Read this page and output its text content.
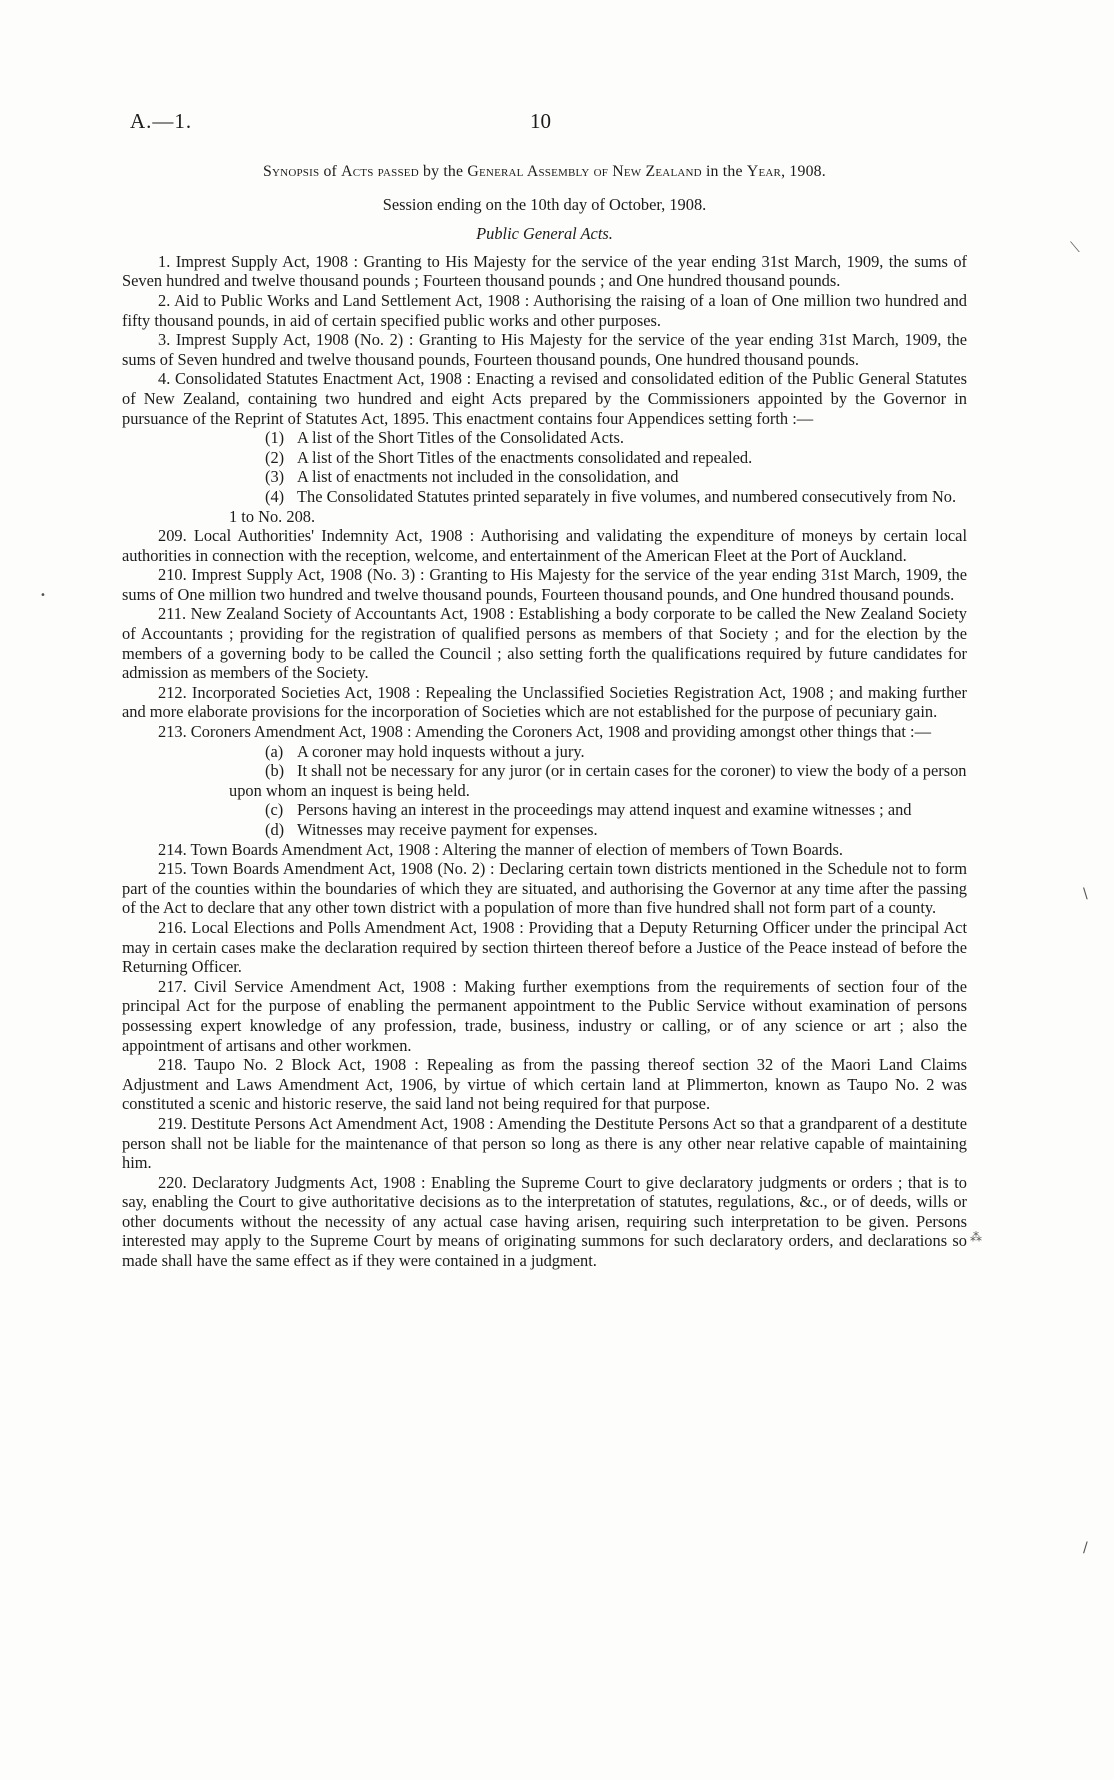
A.—1.	10
⟍
\
/
•
⁂
Synopsis of Acts passed by the General Assembly of New Zealand in the Year, 1908.
Session ending on the 10th day of October, 1908.
Public General Acts.

1. Imprest Supply Act, 1908 : Granting to His Majesty for the service of the year ending 31st March, 1909, the sums of Seven hundred and twelve thousand pounds ; Fourteen thousand pounds ; and One hundred thousand pounds.

2. Aid to Public Works and Land Settlement Act, 1908 : Authorising the raising of a loan of One million two hundred and fifty thousand pounds, in aid of certain specified public works and other purposes.

3. Imprest Supply Act, 1908 (No. 2) : Granting to His Majesty for the service of the year ending 31st March, 1909, the sums of Seven hundred and twelve thousand pounds, Fourteen thousand pounds, One hundred thousand pounds.

4. Consolidated Statutes Enactment Act, 1908 : Enacting a revised and consolidated edition of the Public General Statutes of New Zealand, containing two hundred and eight Acts prepared by the Commissioners appointed by the Governor in pursuance of the Reprint of Statutes Act, 1895. This enactment contains four Appendices setting forth :—

(1) A list of the Short Titles of the Consolidated Acts.

(2) A list of the Short Titles of the enactments consolidated and repealed.

(3) A list of enactments not included in the consolidation, and

(4) The Consolidated Statutes printed separately in five volumes, and numbered consecutively from No. 1 to No. 208.

209. Local Authorities' Indemnity Act, 1908 : Authorising and validating the expenditure of moneys by certain local authorities in connection with the reception, welcome, and entertainment of the American Fleet at the Port of Auckland.

210. Imprest Supply Act, 1908 (No. 3) : Granting to His Majesty for the service of the year ending 31st March, 1909, the sums of One million two hundred and twelve thousand pounds, Fourteen thousand pounds, and One hundred thousand pounds.

211. New Zealand Society of Accountants Act, 1908 : Establishing a body corporate to be called the New Zealand Society of Accountants ; providing for the registration of qualified persons as members of that Society ; and for the election by the members of a governing body to be called the Council ; also setting forth the qualifications required by future candidates for admission as members of the Society.

212. Incorporated Societies Act, 1908 : Repealing the Unclassified Societies Registration Act, 1908 ; and making further and more elaborate provisions for the incorporation of Societies which are not established for the purpose of pecuniary gain.

213. Coroners Amendment Act, 1908 : Amending the Coroners Act, 1908 and providing amongst other things that :—

(a) A coroner may hold inquests without a jury.

(b) It shall not be necessary for any juror (or in certain cases for the coroner) to view the body of a person upon whom an inquest is being held.

(c) Persons having an interest in the proceedings may attend inquest and examine witnesses ; and

(d) Witnesses may receive payment for expenses.

214. Town Boards Amendment Act, 1908 : Altering the manner of election of members of Town Boards.

215. Town Boards Amendment Act, 1908 (No. 2) : Declaring certain town districts mentioned in the Schedule not to form part of the counties within the boundaries of which they are situated, and authorising the Governor at any time after the passing of the Act to declare that any other town district with a population of more than five hundred shall not form part of a county.

216. Local Elections and Polls Amendment Act, 1908 : Providing that a Deputy Returning Officer under the principal Act may in certain cases make the declaration required by section thirteen thereof before a Justice of the Peace instead of before the Returning Officer.

217. Civil Service Amendment Act, 1908 : Making further exemptions from the requirements of section four of the principal Act for the purpose of enabling the permanent appointment to the Public Service without examination of persons possessing expert knowledge of any profession, trade, business, industry or calling, or of any science or art ; also the appointment of artisans and other workmen.

218. Taupo No. 2 Block Act, 1908 : Repealing as from the passing thereof section 32 of the Maori Land Claims Adjustment and Laws Amendment Act, 1906, by virtue of which certain land at Plimmerton, known as Taupo No. 2 was constituted a scenic and historic reserve, the said land not being required for that purpose.

219. Destitute Persons Act Amendment Act, 1908 : Amending the Destitute Persons Act so that a grandparent of a destitute person shall not be liable for the maintenance of that person so long as there is any other near relative capable of maintaining him.

220. Declaratory Judgments Act, 1908 : Enabling the Supreme Court to give declaratory judgments or orders ; that is to say, enabling the Court to give authoritative decisions as to the interpretation of statutes, regulations, &c., or of deeds, wills or other documents without the necessity of any actual case having arisen, requiring such interpretation to be given. Persons interested may apply to the Supreme Court by means of originating summons for such declaratory orders, and declarations so made shall have the same effect as if they were contained in a judgment.
